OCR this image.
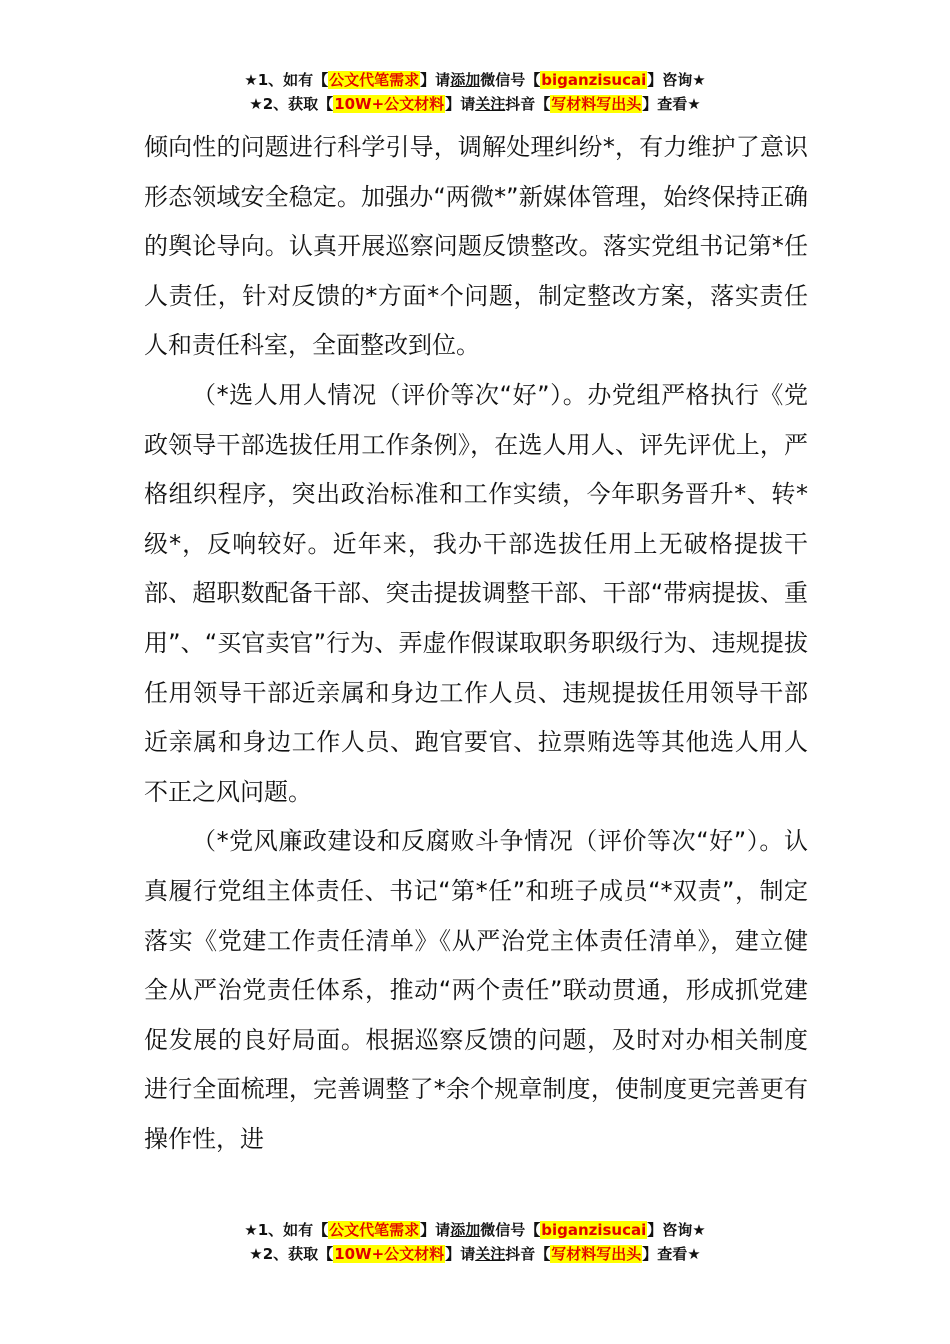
★1、如有【公文代笔需求】请添加微信号【biganzisucai】咨询★
★2、获取【10W+公文材料】请关注抖音【写材料写出头】查看★

倾向性的问题进行科学引导，调解处理纠纷*，有力维护了意识形态领域安全稳定。加强办“两微*”新媒体管理，始终保持正确的舆论导向。认真开展巡察问题反馈整改。落实党组书记第*任人责任，针对反馈的*方面*个问题，制定整改方案，落实责任人和责任科室，全面整改到位。

（*选人用人情况（评价等次“好”）。办党组严格执行《党政领导干部选拔任用工作条例》，在选人用人、评先评优上，严格组织程序，突出政治标准和工作实绩，今年职务晋升*、转*级*，反响较好。近年来，我办干部选拔任用上无破格提拔干部、超职数配备干部、突击提拔调整干部、干部“带病提拔、重用”、“买官卖官”行为、弄虚作假谋取职务职级行为、违规提拔任用领导干部近亲属和身边工作人员、违规提拔任用领导干部近亲属和身边工作人员、跑官要官、拉票贿选等其他选人用人不正之风问题。

（*党风廉政建设和反腐败斗争情况（评价等次“好”）。认真履行党组主体责任、书记“第*任”和班子成员“*双责”，制定落实《党建工作责任清单》《从严治党主体责任清单》，建立健全从严治党责任体系，推动“两个责任”联动贯通，形成抓党建促发展的良好局面。根据巡察反馈的问题，及时对办相关制度进行全面梳理，完善调整了*余个规章制度，使制度更完善更有操作性，进

★1、如有【公文代笔需求】请添加微信号【biganzisucai】咨询★
★2、获取【10W+公文材料】请关注抖音【写材料写出头】查看★
